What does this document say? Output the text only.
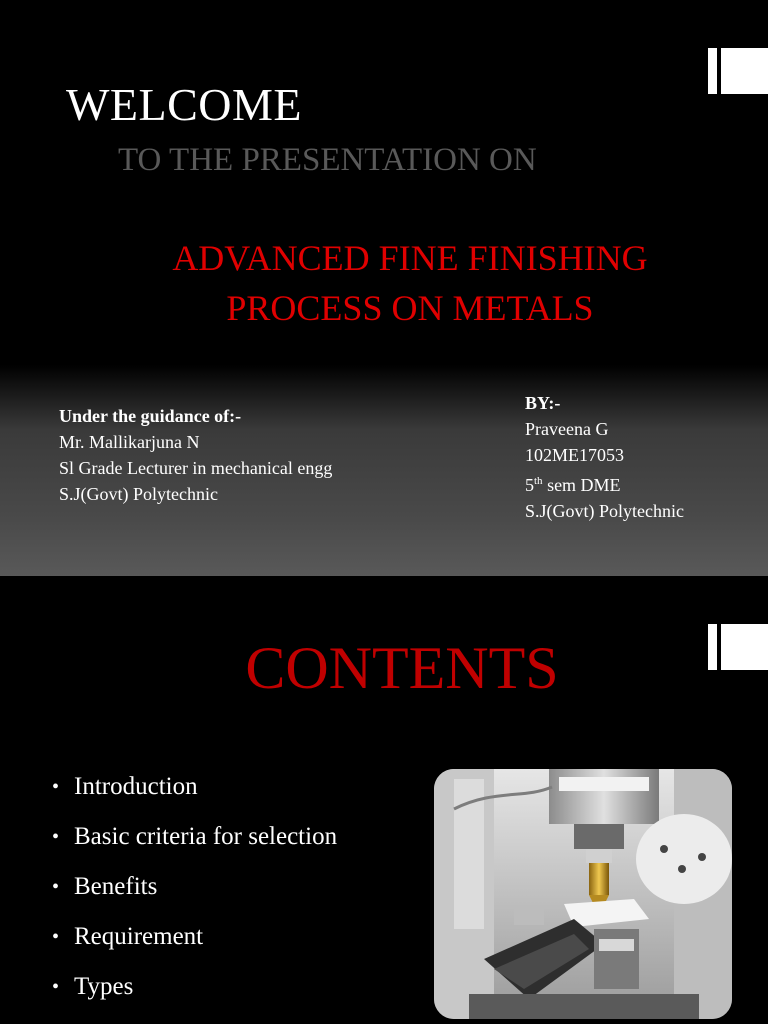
WELCOME
TO THE PRESENTATION ON
ADVANCED FINE FINISHING
PROCESS ON METALS
Under the guidance of:-
Mr. Mallikarjuna N
Sl Grade Lecturer in mechanical engg
S.J(Govt) Polytechnic
BY:-
Praveena G
102ME17053
5th sem DME
S.J(Govt) Polytechnic
CONTENTS
• Introduction
• Basic criteria for selection
• Benefits
• Requirement
• Types
